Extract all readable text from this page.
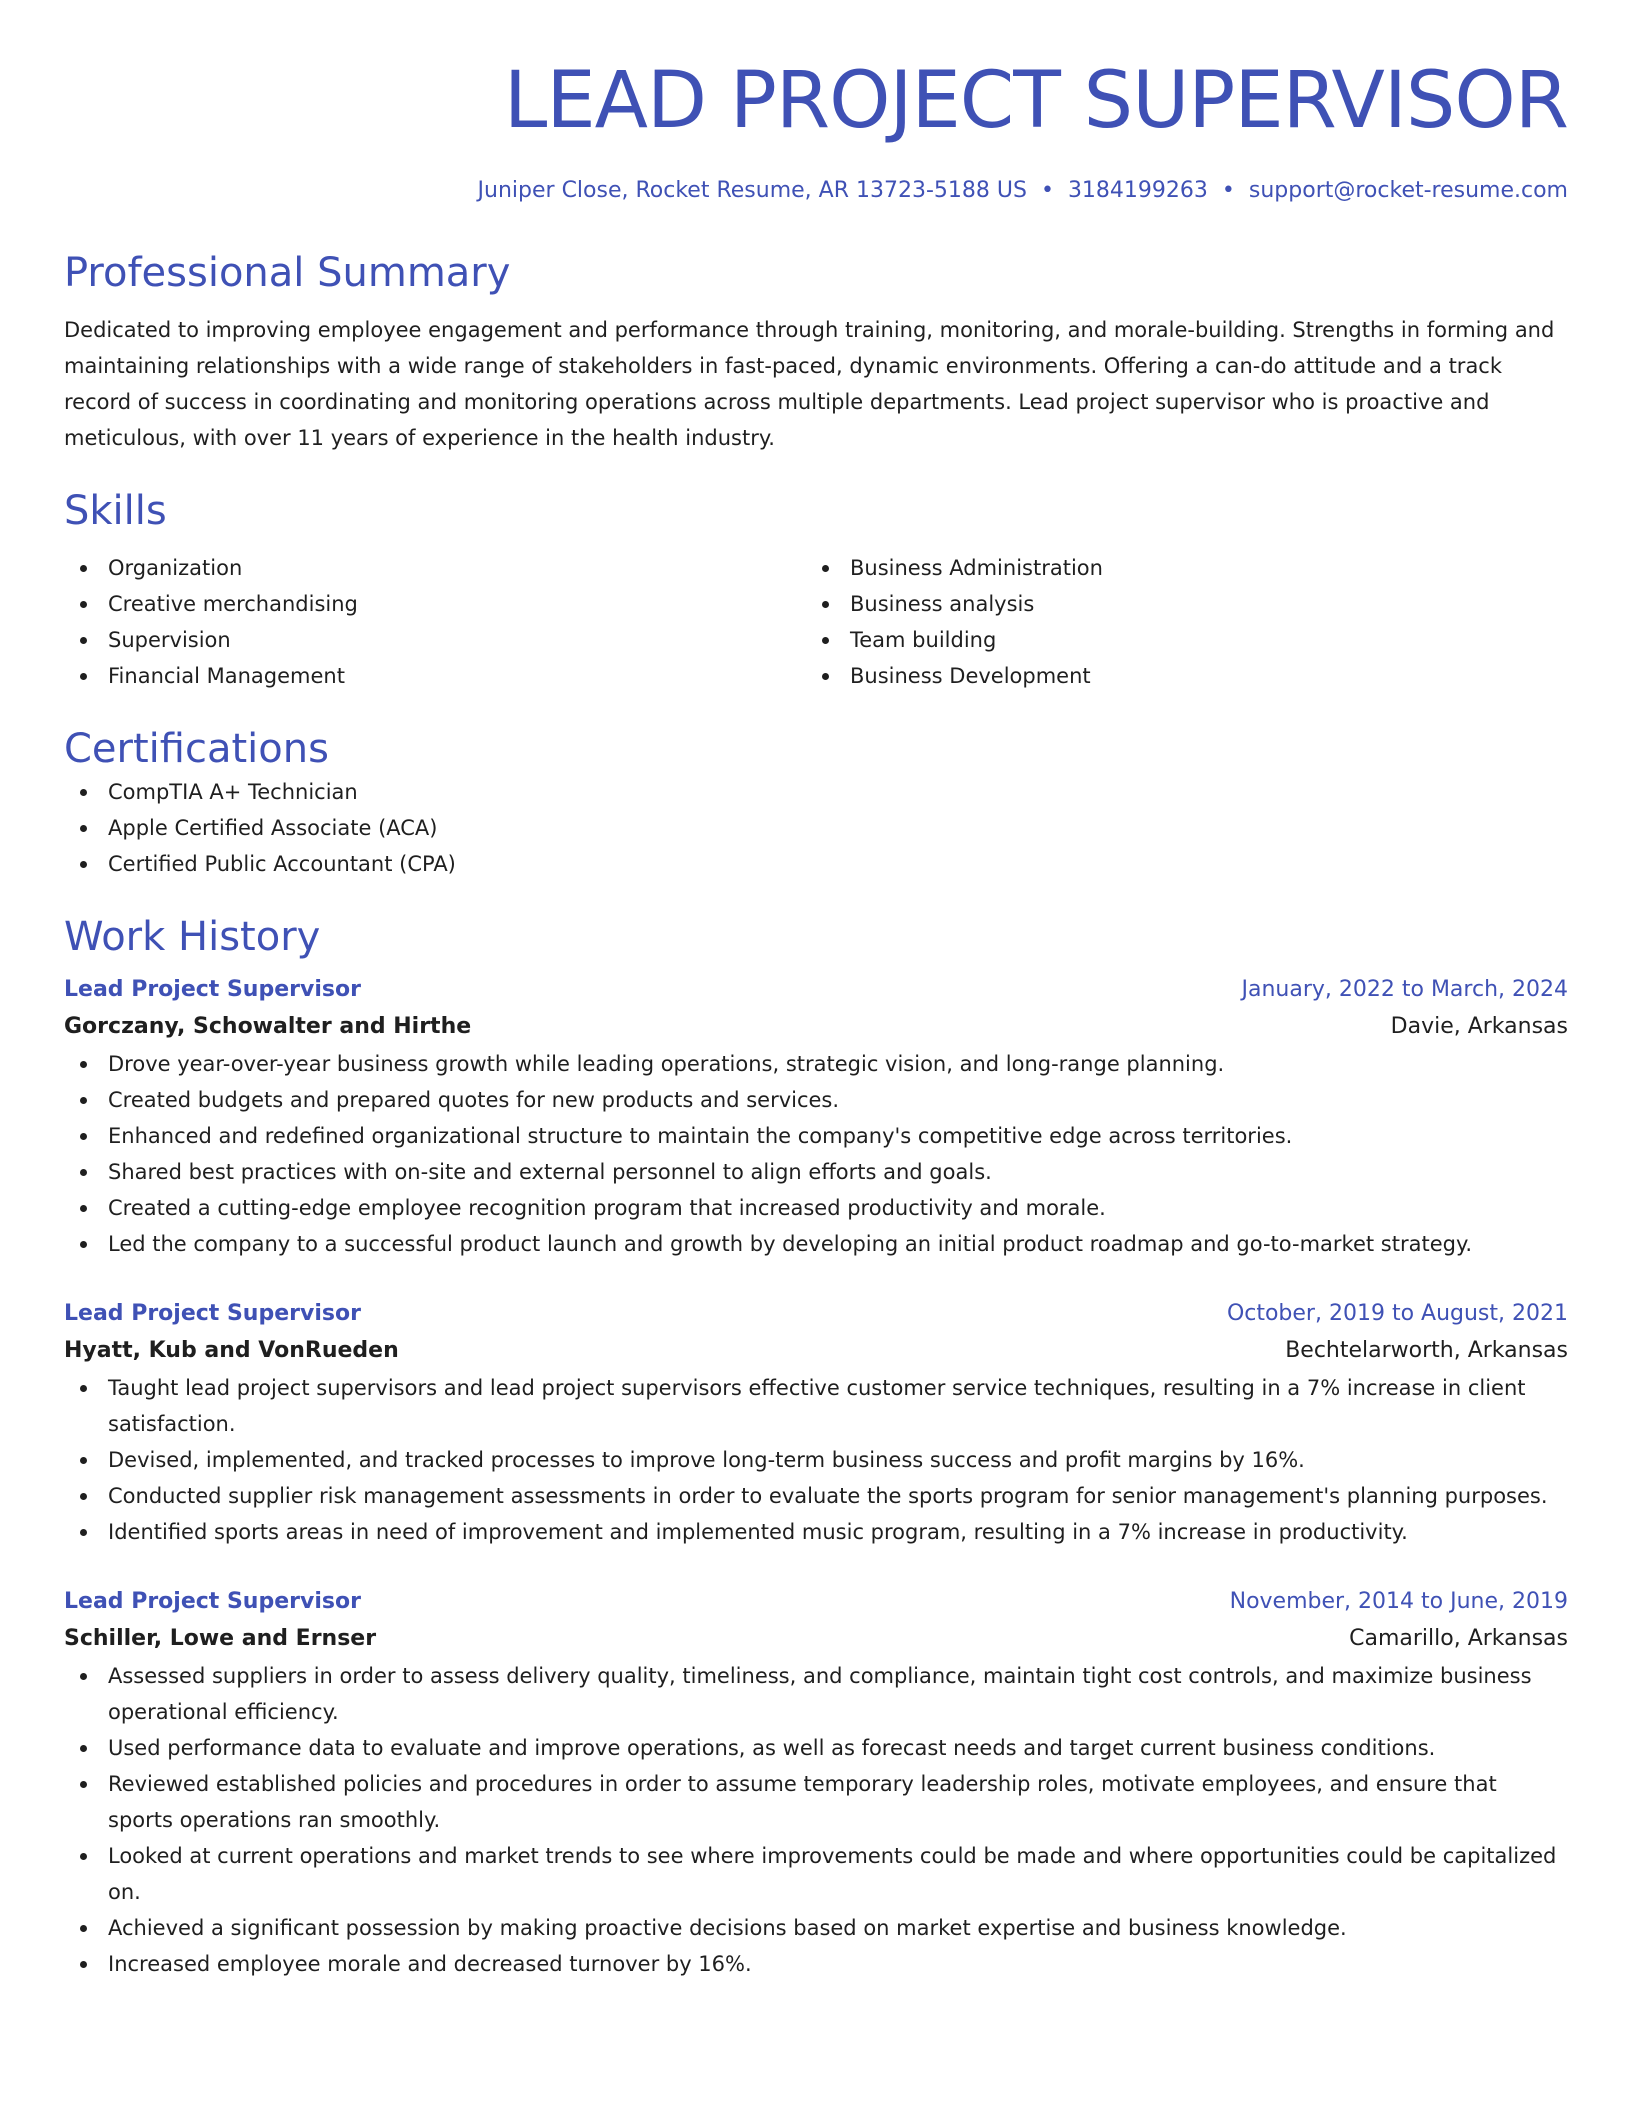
LEAD PROJECT SUPERVISOR
Juniper Close, Rocket Resume, AR 13723-5188 US • 3184199263 • support@rocket-resume.com
Professional Summary
Dedicated to improving employee engagement and performance through training, monitoring, and morale-building. Strengths in forming and maintaining relationships with a wide range of stakeholders in fast-paced, dynamic environments. Offering a can-do attitude and a track record of success in coordinating and monitoring operations across multiple departments. Lead project supervisor who is proactive and meticulous, with over 11 years of experience in the health industry.
Skills
Organization
Creative merchandising
Supervision
Financial Management
Business Administration
Business analysis
Team building
Business Development
Certifications
CompTIA A+ Technician
Apple Certified Associate (ACA)
Certified Public Accountant (CPA)
Work History
Lead Project Supervisor	January, 2022 to March, 2024
Gorczany, Schowalter and Hirthe	Davie, Arkansas
Drove year-over-year business growth while leading operations, strategic vision, and long-range planning.
Created budgets and prepared quotes for new products and services.
Enhanced and redefined organizational structure to maintain the company's competitive edge across territories.
Shared best practices with on-site and external personnel to align efforts and goals.
Created a cutting-edge employee recognition program that increased productivity and morale.
Led the company to a successful product launch and growth by developing an initial product roadmap and go-to-market strategy.
Lead Project Supervisor	October, 2019 to August, 2021
Hyatt, Kub and VonRueden	Bechtelarworth, Arkansas
Taught lead project supervisors and lead project supervisors effective customer service techniques, resulting in a 7% increase in client satisfaction.
Devised, implemented, and tracked processes to improve long-term business success and profit margins by 16%.
Conducted supplier risk management assessments in order to evaluate the sports program for senior management's planning purposes.
Identified sports areas in need of improvement and implemented music program, resulting in a 7% increase in productivity.
Lead Project Supervisor	November, 2014 to June, 2019
Schiller, Lowe and Ernser	Camarillo, Arkansas
Assessed suppliers in order to assess delivery quality, timeliness, and compliance, maintain tight cost controls, and maximize business operational efficiency.
Used performance data to evaluate and improve operations, as well as forecast needs and target current business conditions.
Reviewed established policies and procedures in order to assume temporary leadership roles, motivate employees, and ensure that sports operations ran smoothly.
Looked at current operations and market trends to see where improvements could be made and where opportunities could be capitalized on.
Achieved a significant possession by making proactive decisions based on market expertise and business knowledge.
Increased employee morale and decreased turnover by 16%.
